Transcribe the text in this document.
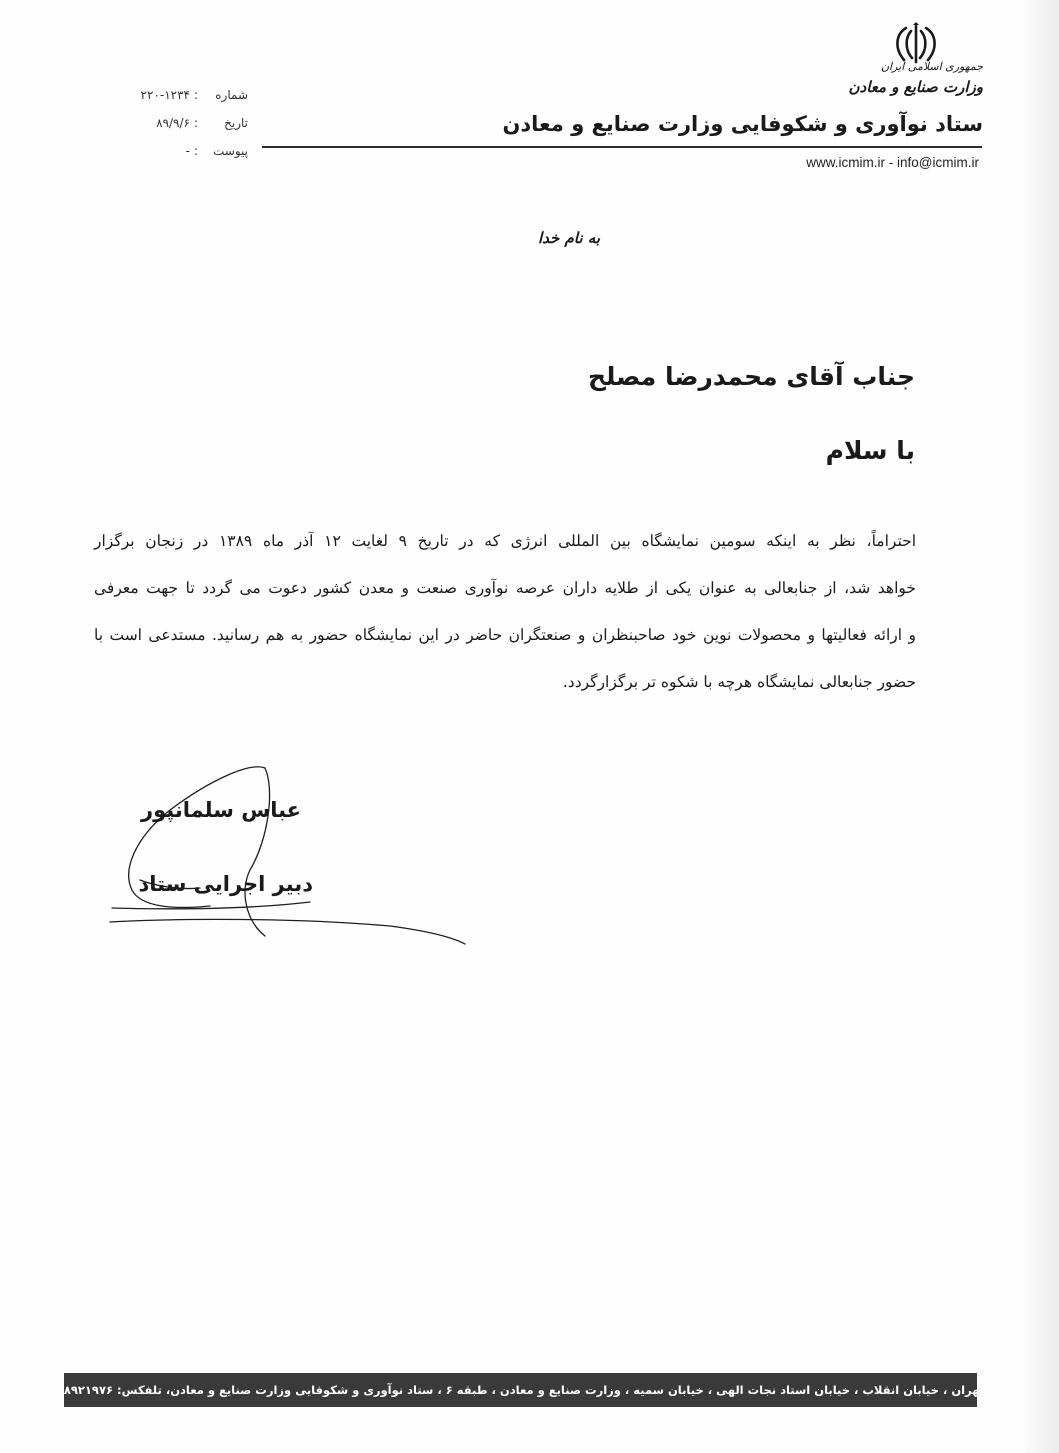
جمهوری اسلامی ایران
وزارت صنایع و معادن
ستاد نوآوری و شکوفایی وزارت صنایع و معادن
www.icmim.ir - info@icmim.ir
شماره
:
۲۲۰-۱۲۳۴
تاریخ
:
۸۹/۹/۶
پیوست
:
-
به نام خدا
جناب آقای محمدرضا مصلح
با سلام
احتراماً، نظر به اینکه سومین نمایشگاه بین المللی انرژی که در تاریخ ۹ لغایت ۱۲ آذر ماه ۱۳۸۹ در زنجان برگزار
خواهد شد، از جنابعالی به عنوان یکی از طلایه داران عرصه نوآوری صنعت و معدن کشور دعوت می گردد تا جهت معرفی
و ارائه فعالیتها و محصولات نوین خود صاحبنظران و صنعتگران حاضر در این نمایشگاه حضور به هم رسانید. مستدعی است با
حضور جنابعالی نمایشگاه هرچه با شکوه تر برگزارگردد.
عباس سلمانپور
دبیر اجرایی ستاد
تهران ، خیابان انقلاب ، خیابان استاد نجات الهی ، خیابان سمیه ، وزارت صنایع و معادن ، طبقه ۶ ، ستاد نوآوری و شکوفایی وزارت صنایع و معادن، تلفکس: ۸۸۹۲۱۹۷۶
